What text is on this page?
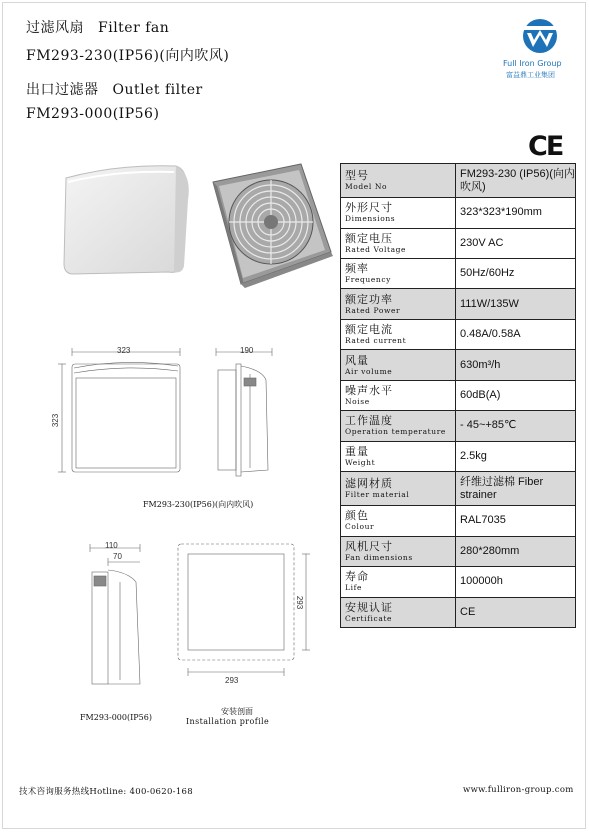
过滤风扇 Filter fan
FM293-230(IP56)(向内吹风)
出口过滤器 Outlet filter
FM293-000(IP56)
Full Iron Group
富益鼎工业集团
CE
323
323
190
FM293-230(IP56)(向内吹风)
110
70
FM293-000(IP56)
293
293
安装剖面
Installation profile
型号
Model No	FM293-230 (IP56)(向内吹风)

外形尺寸
Dimensions	323*323*190mm

额定电压
Rated Voltage	230V AC

频率
Frequency	50Hz/60Hz

额定功率
Rated Power	111W/135W

额定电流
Rated current	0.48A/0.58A

风量
Air volume	630m³/h

噪声水平
Noise	60dB(A)

工作温度
Operation temperature	- 45~+85℃

重量
Weight	2.5kg

滤网材质
Filter material	纤维过滤棉 Fiber strainer

颜色
Colour	RAL7035

风机尺寸
Fan dimensions	280*280mm

寿命
Life	100000h

安规认证
Certificate	CE
技术咨询服务热线Hotline: 400-0620-168	www.fulliron-group.com
